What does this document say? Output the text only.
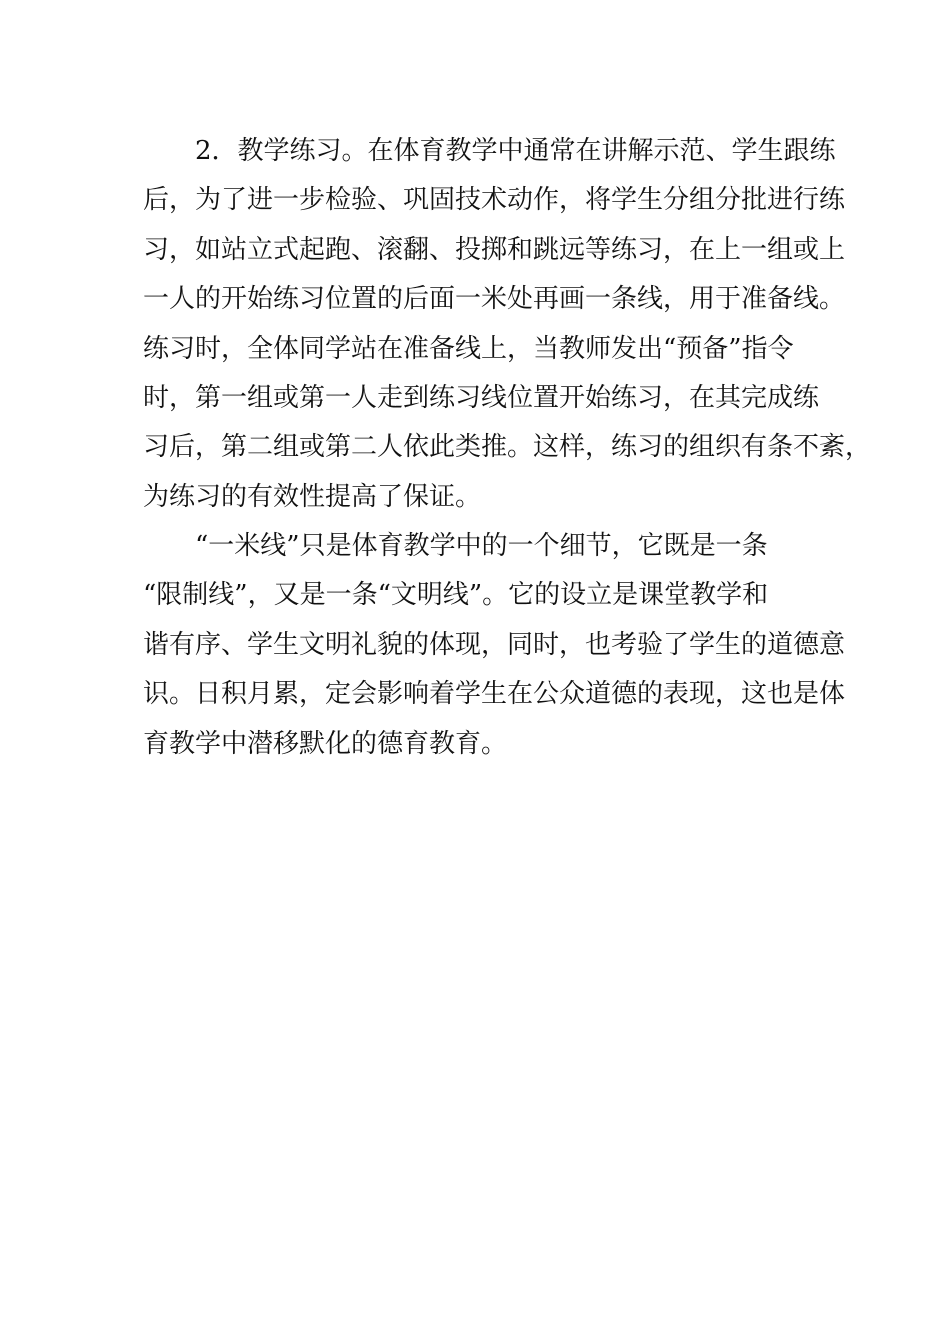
　　2．教学练习。在体育教学中通常在讲解示范、学生跟练
后，为了进一步检验、巩固技术动作，将学生分组分批进行练
习，如站立式起跑、滚翻、投掷和跳远等练习，在上一组或上
一人的开始练习位置的后面一米处再画一条线，用于准备线。
练习时，全体同学站在准备线上，当教师发出“预备”指令
时，第一组或第一人走到练习线位置开始练习，在其完成练
习后，第二组或第二人依此类推。这样，练习的组织有条不紊，
为练习的有效性提高了保证。
　　“一米线”只是体育教学中的一个细节，它既是一条
“限制线”，又是一条“文明线”。它的设立是课堂教学和
谐有序、学生文明礼貌的体现，同时，也考验了学生的道德意
识。日积月累，定会影响着学生在公众道德的表现，这也是体
育教学中潜移默化的德育教育。
